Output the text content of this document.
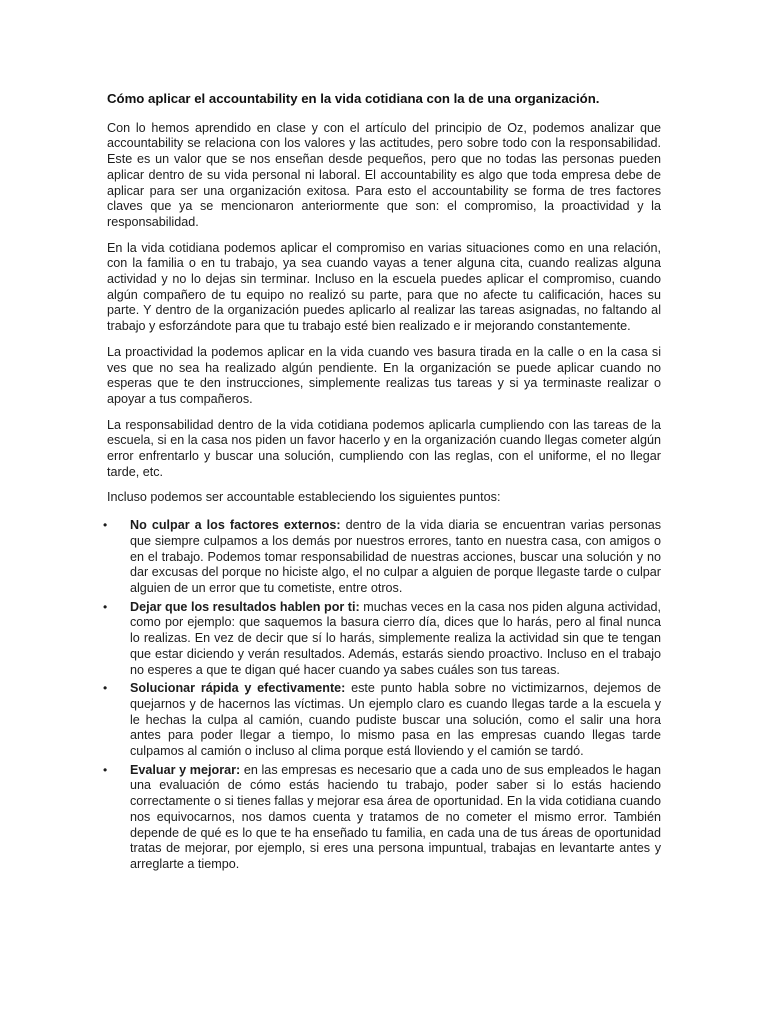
Cómo aplicar el accountability en la vida cotidiana con la de una organización.

Con lo hemos aprendido en clase y con el artículo del principio de Oz, podemos analizar que accountability se relaciona con los valores y las actitudes, pero sobre todo con la responsabilidad. Este es un valor que se nos enseñan desde pequeños, pero que no todas las personas pueden aplicar dentro de su vida personal ni laboral. El accountability es algo que toda empresa debe de aplicar para ser una organización exitosa. Para esto el accountability se forma de tres factores claves que ya se mencionaron anteriormente que son: el compromiso, la proactividad y la responsabilidad.

En la vida cotidiana podemos aplicar el compromiso en varias situaciones como en una relación, con la familia o en tu trabajo, ya sea cuando vayas a tener alguna cita, cuando realizas alguna actividad y no lo dejas sin terminar. Incluso en la escuela puedes aplicar el compromiso, cuando algún compañero de tu equipo no realizó su parte, para que no afecte tu calificación, haces su parte. Y dentro de la organización puedes aplicarlo al realizar las tareas asignadas, no faltando al trabajo y esforzándote para que tu trabajo esté bien realizado e ir mejorando constantemente.

La proactividad la podemos aplicar en la vida cuando ves basura tirada en la calle o en la casa si ves que no sea ha realizado algún pendiente. En la organización se puede aplicar cuando no esperas que te den instrucciones, simplemente realizas tus tareas y si ya terminaste realizar o apoyar a tus compañeros.

La responsabilidad dentro de la vida cotidiana podemos aplicarla cumpliendo con las tareas de la escuela, si en la casa nos piden un favor hacerlo y en la organización cuando llegas cometer algún error enfrentarlo y buscar una solución, cumpliendo con las reglas, con el uniforme, el no llegar tarde, etc.

Incluso podemos ser accountable estableciendo los siguientes puntos:

• No culpar a los factores externos: dentro de la vida diaria se encuentran varias personas que siempre culpamos a los demás por nuestros errores, tanto en nuestra casa, con amigos o en el trabajo. Podemos tomar responsabilidad de nuestras acciones, buscar una solución y no dar excusas del porque no hiciste algo, el no culpar a alguien de porque llegaste tarde o culpar alguien de un error que tu cometiste, entre otros.
• Dejar que los resultados hablen por ti: muchas veces en la casa nos piden alguna actividad, como por ejemplo: que saquemos la basura cierro día, dices que lo harás, pero al final nunca lo realizas. En vez de decir que sí lo harás, simplemente realiza la actividad sin que te tengan que estar diciendo y verán resultados. Además, estarás siendo proactivo. Incluso en el trabajo no esperes a que te digan qué hacer cuando ya sabes cuáles son tus tareas.
• Solucionar rápida y efectivamente: este punto habla sobre no victimizarnos, dejemos de quejarnos y de hacernos las víctimas. Un ejemplo claro es cuando llegas tarde a la escuela y le hechas la culpa al camión, cuando pudiste buscar una solución, como el salir una hora antes para poder llegar a tiempo, lo mismo pasa en las empresas cuando llegas tarde culpamos al camión o incluso al clima porque está lloviendo y el camión se tardó.
• Evaluar y mejorar: en las empresas es necesario que a cada uno de sus empleados le hagan una evaluación de cómo estás haciendo tu trabajo, poder saber si lo estás haciendo correctamente o si tienes fallas y mejorar esa área de oportunidad. En la vida cotidiana cuando nos equivocarnos, nos damos cuenta y tratamos de no cometer el mismo error. También depende de qué es lo que te ha enseñado tu familia, en cada una de tus áreas de oportunidad tratas de mejorar, por ejemplo, si eres una persona impuntual, trabajas en levantarte antes y arreglarte a tiempo.
